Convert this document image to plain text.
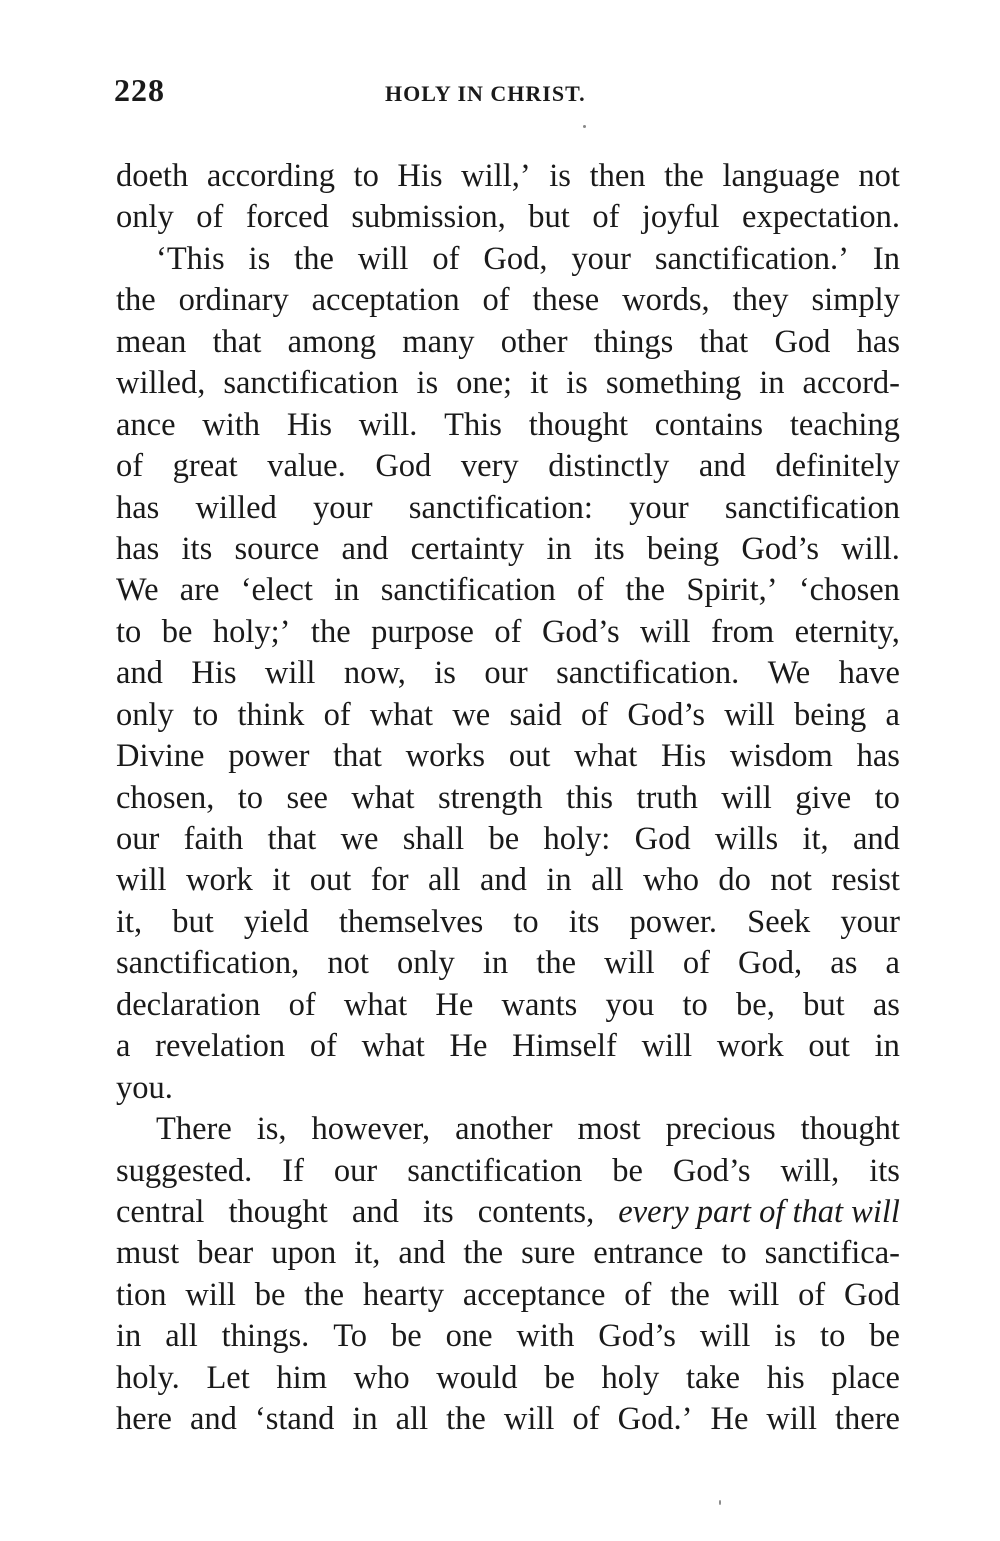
228	HOLY IN CHRIST.
doeth according to His will,’ is then the language not
only of forced submission, but of joyful expectation.
‘This is the will of God, your sanctification.’ In
the ordinary acceptation of these words, they simply
mean that among many other things that God has
willed, sanctification is one; it is something in accord-
ance with His will. This thought contains teaching
of great value. God very distinctly and definitely
has willed your sanctification: your sanctification
has its source and certainty in its being God’s will.
We are ‘elect in sanctification of the Spirit,’ ‘chosen
to be holy;’ the purpose of God’s will from eternity,
and His will now, is our sanctification. We have
only to think of what we said of God’s will being a
Divine power that works out what His wisdom has
chosen, to see what strength this truth will give to
our faith that we shall be holy: God wills it, and
will work it out for all and in all who do not resist
it, but yield themselves to its power. Seek your
sanctification, not only in the will of God, as a
declaration of what He wants you to be, but as
a revelation of what He Himself will work out in
you.
There is, however, another most precious thought
suggested. If our sanctification be God’s will, its
central thought and its contents, every part of that will
must bear upon it, and the sure entrance to sanctifica-
tion will be the hearty acceptance of the will of God
in all things. To be one with God’s will is to be
holy. Let him who would be holy take his place
here and ‘stand in all the will of God.’ He will there
